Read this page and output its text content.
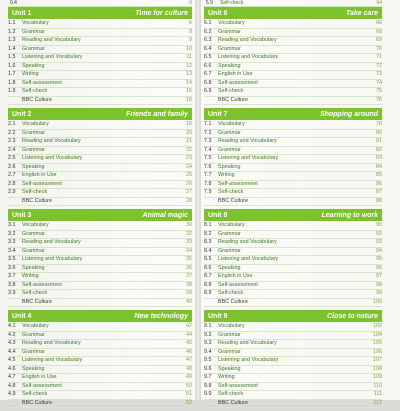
0.4	0
Unit 1	Time for culture
1.1	Vocabulary	6
1.2	Grammar	8
1.3	Reading and Vocabulary	9
1.4	Grammar	10
1.5	Listening and Vocabulary	11
1.6	Speaking	12
1.7	Writing	13
1.8	Self-assessment	14
1.9	Self-check	15
BBC Culture	16
Unit 2	Friends and family
2.1	Vocabulary	18
2.2	Grammar	20
2.3	Reading and Vocabulary	21
2.4	Grammar	22
2.5	Listening and Vocabulary	23
2.6	Speaking	24
2.7	English in Use	25
2.8	Self-assessment	26
2.9	Self-check	27
BBC Culture	28
Unit 3	Animal magic
3.1	Vocabulary	30
3.2	Grammar	32
3.3	Reading and Vocabulary	33
3.4	Grammar	34
3.5	Listening and Vocabulary	35
3.6	Speaking	36
3.7	Writing	37
3.8	Self-assessment	38
3.9	Self-check	39
BBC Culture	40
Unit 4	New technology
4.1	Vocabulary	42
4.2	Grammar	44
4.3	Reading and Vocabulary	45
4.4	Grammar	46
4.5	Listening and Vocabulary	47
4.6	Speaking	48
4.7	English in Use	49
4.8	Self-assessment	50
4.9	Self-check	51
BBC Culture	52
5.9	Self-check	64
Unit 6	Take care
6.1	Vocabulary	66
6.2	Grammar	68
6.3	Reading and Vocabulary	69
6.4	Grammar	70
6.5	Listening and Vocabulary	71
6.6	Speaking	72
6.7	English in Use	73
6.8	Self-assessment	74
6.9	Self-check	75
BBC Culture	76
Unit 7	Shopping around
7.1	Vocabulary	78
7.2	Grammar	80
7.3	Reading and Vocabulary	81
7.4	Grammar	82
7.5	Listening and Vocabulary	83
7.6	Speaking	84
7.7	Writing	85
7.8	Self-assessment	86
7.9	Self-check	87
BBC Culture	88
Unit 8	Learning to work
8.1	Vocabulary	90
8.2	Grammar	92
8.3	Reading and Vocabulary	93
8.4	Grammar	94
8.5	Listening and Vocabulary	95
8.6	Speaking	96
8.7	English in Use	97
8.8	Self-assessment	98
8.9	Self-check	99
BBC Culture	100
Unit 9	Close to nature
9.1	Vocabulary	102
9.2	Grammar	104
9.3	Reading and Vocabulary	105
9.4	Grammar	106
9.5	Listening and Vocabulary	107
9.6	Speaking	108
9.7	Writing	109
9.8	Self-assessment	110
9.9	Self-check	111
BBC Culture	112
